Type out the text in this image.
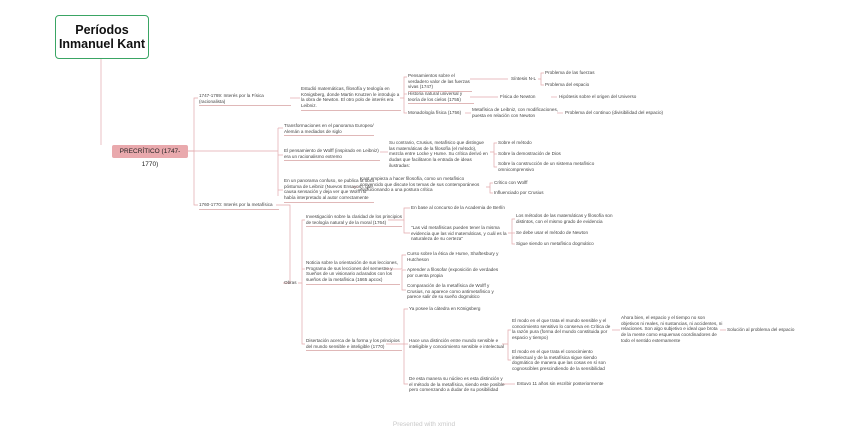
Períodos
Inmanuel Kant
PRECRÍTICO (1747-1770)
1747-1789: Interés por la Física (racionalista)
Estudió matemáticas, filosofía y teología en Königsberg, donde Martin Knutzen le introdujo a la obra de Newton. El otro polo de interés era Leibniz.
Pensamientos sobre el verdadero valor de las fuerzas vivas (1747)
Síntesis N-L
Problema de las fuerzas
Problema del espacio
Historia natural universal y teoría de los cielos (1755)
Física de Newton	Hipótesis sobre el origen del Universo
Monadología física (1756)
Metafísica de Leibniz, con modificaciones, puesta en relación con Newton
Problema del continuo (divisibilidad del espacio)
Transformaciones en el panorama Europeo/ Alemán a mediados de siglo
El pensamiento de Wolff (inspirado en Leibniz) era un racionalismo extremo
Su contrario, Crusius, metafísico que distingue las matemáticas de la filosofía (el método), mezcla entre Locke y Hume. Su crítica derivó en dudas que facilitaron la entrada de ideas ilustradas:
Sobre el método
Sobre la demostración de Dios
Sobre la construcción de un sistema metafísico omnicomprensivo
En un panorama confuso, se publica la obra póstuma de Leibniz (Nuevos Ensayos), que causa sensación y deja ver que Wolff no había interpretado al autor correctamente
Kant empieza a hacer filosofía, como un metafísico convencido que discute los temas de sus contemporáneos evolucionando a una postura crítica
Crítico con Wolff
Influenciado por Crusius
1760-1770: Interés por la metafísica
Obras
Investigación sobre la claridad de los principios de teología natural y de la moral (1764)
En base al concurso de la Academia de Berlín
"Las vid metafísicas pueden tener la misma evidencia que las vid matemáticas, y cuál es la naturaleza de su certeza"
Los métodos de las matemáticas y filosofía son distintos, con el mismo grado de evidencia
Se debe usar el método de Newton
Sigue siendo un metafísico dogmático
Noticia sobre la orientación de sus lecciones, Programa de sus lecciones del semestre y Sueños de un visionario aclarados con los sueños de la metafísica (1665 apcox)
Curso sobre la ética de Hume, Shaftesbury y Hutcheson
Aprender a filosofar (exposición de verdades por cuenta propia
Comparación de la metafísica de Wolff y Crusius, no aparece como antimetafísico y parece salir de su sueño dogmático
Disertación acerca de la forma y los principios del mundo sensible e inteligible (1770)
Ya posee la cátedra en Königsberg
Hace una distinción entre mundo sensible e inteligible y conocimiento sensible e intelectual
El modo en el que trata el mundo sensible y el conocimiento sensitivo lo conserva en Crítica de la razón pura (forma del mundo constituida por espacio y tiempo)
El modo en el que trata el conocimiento intelectual y de la metafísica sigue siendo dogmático de manera que las cosas en sí son cognoscibles prescindiendo de la sensibilidad
Ahora bien, el espacio y el tiempo no son objetivos ni reales, ni sustancias, ni accidentes, ni relaciones. Son algo subjetivo e ideal que brota de la mente como esquemas coordinadores de todo el sentido externamente
Solución al problema del espacio
De esta manera su núcleo es esta distinción y el método de la metafísica, siendo este posible pero comenzando a dudar de su posibilidad
Estuvo 11 años sin escribir posteriormente
Presented with xmind
